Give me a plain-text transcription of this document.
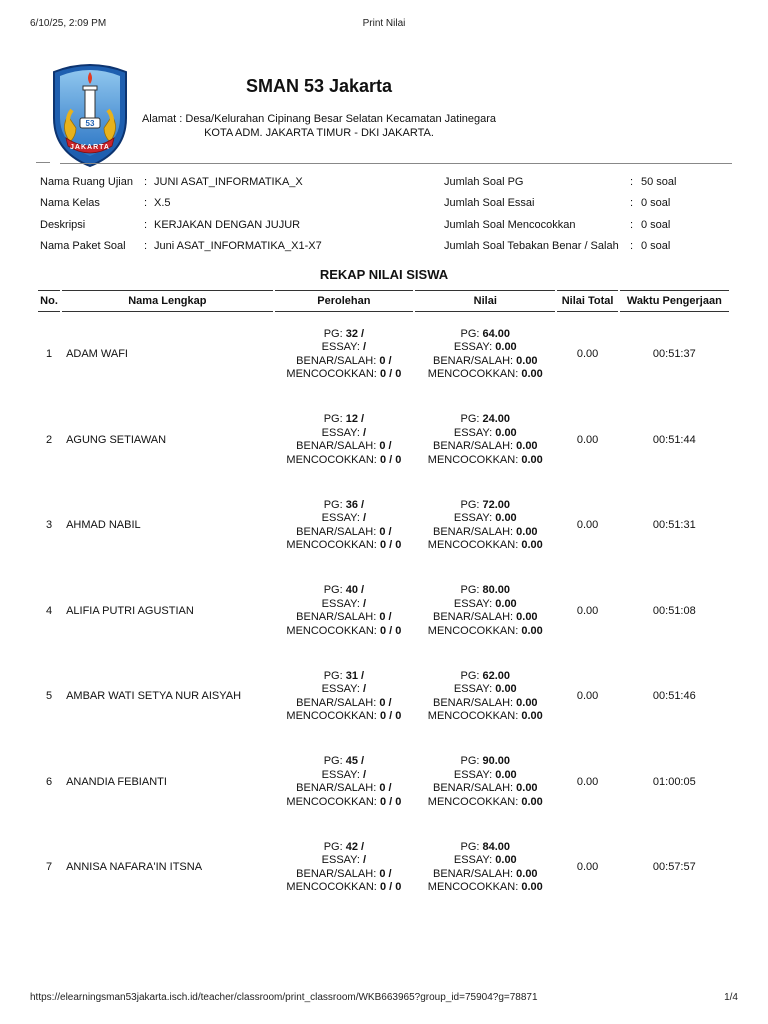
6/10/25, 2:09 PM	Print Nilai
53
JAKARTA
SMAN 53 Jakarta
Alamat : Desa/Kelurahan Cipinang Besar Selatan Kecamatan Jatinegara
KOTA ADM. JAKARTA TIMUR - DKI JAKARTA.
Nama Ruang Ujian : JUNI ASAT_INFORMATIKA_X	Jumlah Soal PG	: 50 soal
Nama Kelas	: X.5	Jumlah Soal Essai	: 0 soal
Deskripsi	: KERJAKAN DENGAN JUJUR	Jumlah Soal Mencocokkan	: 0 soal
Nama Paket Soal : Juni ASAT_INFORMATIKA_X1-X7	Jumlah Soal Tebakan Benar / Salah : 0 soal
REKAP NILAI SISWA
No.	Nama Lengkap	Perolehan	Nilai	Nilai Total	Waktu Pengerjaan
1	ADAM WAFI	PG: 32 /
ESSAY: /
BENAR/SALAH: 0 /
MENCOCOKKAN: 0 / 0	PG: 64.00
ESSAY: 0.00
BENAR/SALAH: 0.00
MENCOCOKKAN: 0.00	0.00	00:51:37
2	AGUNG SETIAWAN	PG: 12 /
ESSAY: /
BENAR/SALAH: 0 /
MENCOCOKKAN: 0 / 0	PG: 24.00
ESSAY: 0.00
BENAR/SALAH: 0.00
MENCOCOKKAN: 0.00	0.00	00:51:44
3	AHMAD NABIL	PG: 36 /
ESSAY: /
BENAR/SALAH: 0 /
MENCOCOKKAN: 0 / 0	PG: 72.00
ESSAY: 0.00
BENAR/SALAH: 0.00
MENCOCOKKAN: 0.00	0.00	00:51:31
4	ALIFIA PUTRI AGUSTIAN	PG: 40 /
ESSAY: /
BENAR/SALAH: 0 /
MENCOCOKKAN: 0 / 0	PG: 80.00
ESSAY: 0.00
BENAR/SALAH: 0.00
MENCOCOKKAN: 0.00	0.00	00:51:08
5	AMBAR WATI SETYA NUR AISYAH	PG: 31 /
ESSAY: /
BENAR/SALAH: 0 /
MENCOCOKKAN: 0 / 0	PG: 62.00
ESSAY: 0.00
BENAR/SALAH: 0.00
MENCOCOKKAN: 0.00	0.00	00:51:46
6	ANANDIA FEBIANTI	PG: 45 /
ESSAY: /
BENAR/SALAH: 0 /
MENCOCOKKAN: 0 / 0	PG: 90.00
ESSAY: 0.00
BENAR/SALAH: 0.00
MENCOCOKKAN: 0.00	0.00	01:00:05
7	ANNISA NAFARA'IN ITSNA	PG: 42 /
ESSAY: /
BENAR/SALAH: 0 /
MENCOCOKKAN: 0 / 0	PG: 84.00
ESSAY: 0.00
BENAR/SALAH: 0.00
MENCOCOKKAN: 0.00	0.00	00:57:57
https://elearningsman53jakarta.isch.id/teacher/classroom/print_classroom/WKB663965?group_id=75904?g=78871	1/4
